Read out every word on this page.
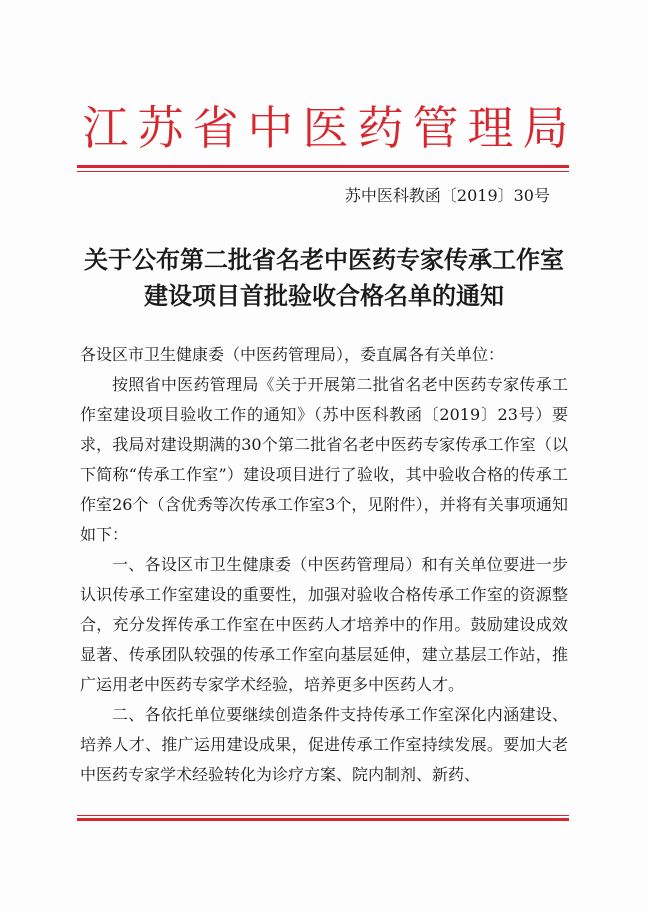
江苏省中医药管理局
苏中医科教函〔2019〕30号
关于公布第二批省名老中医药专家传承工作室
建设项目首批验收合格名单的通知

各设区市卫生健康委（中医药管理局），委直属各有关单位：

按照省中医药管理局《关于开展第二批省名老中医药专家传承工作室建设项目验收工作的通知》（苏中医科教函〔2019〕23号）要求，我局对建设期满的30个第二批省名老中医药专家传承工作室（以下简称“传承工作室”）建设项目进行了验收，其中验收合格的传承工作室26个（含优秀等次传承工作室3个，见附件），并将有关事项通知如下：

一、各设区市卫生健康委（中医药管理局）和有关单位要进一步认识传承工作室建设的重要性，加强对验收合格传承工作室的资源整合，充分发挥传承工作室在中医药人才培养中的作用。鼓励建设成效显著、传承团队较强的传承工作室向基层延伸，建立基层工作站，推广运用老中医药专家学术经验，培养更多中医药人才。

二、各依托单位要继续创造条件支持传承工作室深化内涵建设、培养人才、推广运用建设成果，促进传承工作室持续发展。要加大老中医药专家学术经验转化为诊疗方案、院内制剂、新药、
